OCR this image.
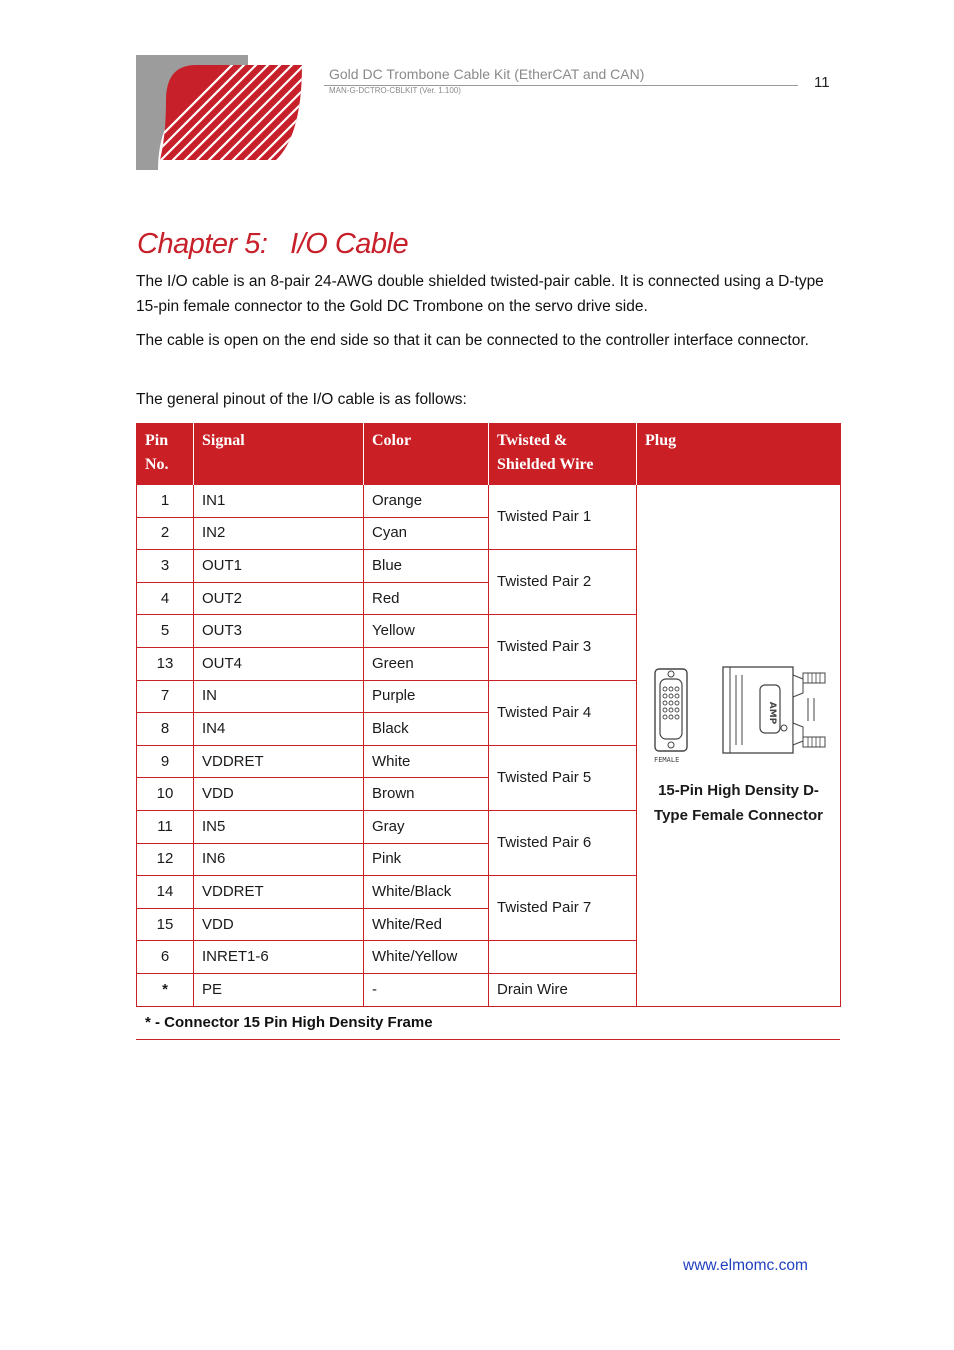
Gold DC Trombone Cable Kit (EtherCAT and CAN)
MAN-G-DCTRO-CBLKIT (Ver. 1.100)	11
Chapter 5:   I/O Cable
The I/O cable is an 8-pair 24-AWG double shielded twisted-pair cable. It is connected using a D-type 15-pin female connector to the Gold DC Trombone on the servo drive side.
The cable is open on the end side so that it can be connected to the controller interface connector.
The general pinout of the I/O cable is as follows:
Pin No.	Signal	Color	Twisted & Shielded Wire	Plug
1	IN1	Orange	Twisted Pair 1	FEMALE
AMP
15-Pin High Density D-Type Female Connector

2	IN2	Cyan		
3	OUT1	Blue	Twisted Pair 2	
4	OUT2	Red		
5	OUT3	Yellow	Twisted Pair 3	
13	OUT4	Green		
7	IN	Purple	Twisted Pair 4	
8	IN4	Black		
9	VDDRET	White	Twisted Pair 5	
10	VDD	Brown		
11	IN5	Gray	Twisted Pair 6	
12	IN6	Pink		
14	VDDRET	White/Black	Twisted Pair 7	
15	VDD	White/Red		
6	INRET1-6	White/Yellow		
*	PE	-	Drain Wire	
* - Connector 15 Pin High Density Frame
www.elmomc.com
